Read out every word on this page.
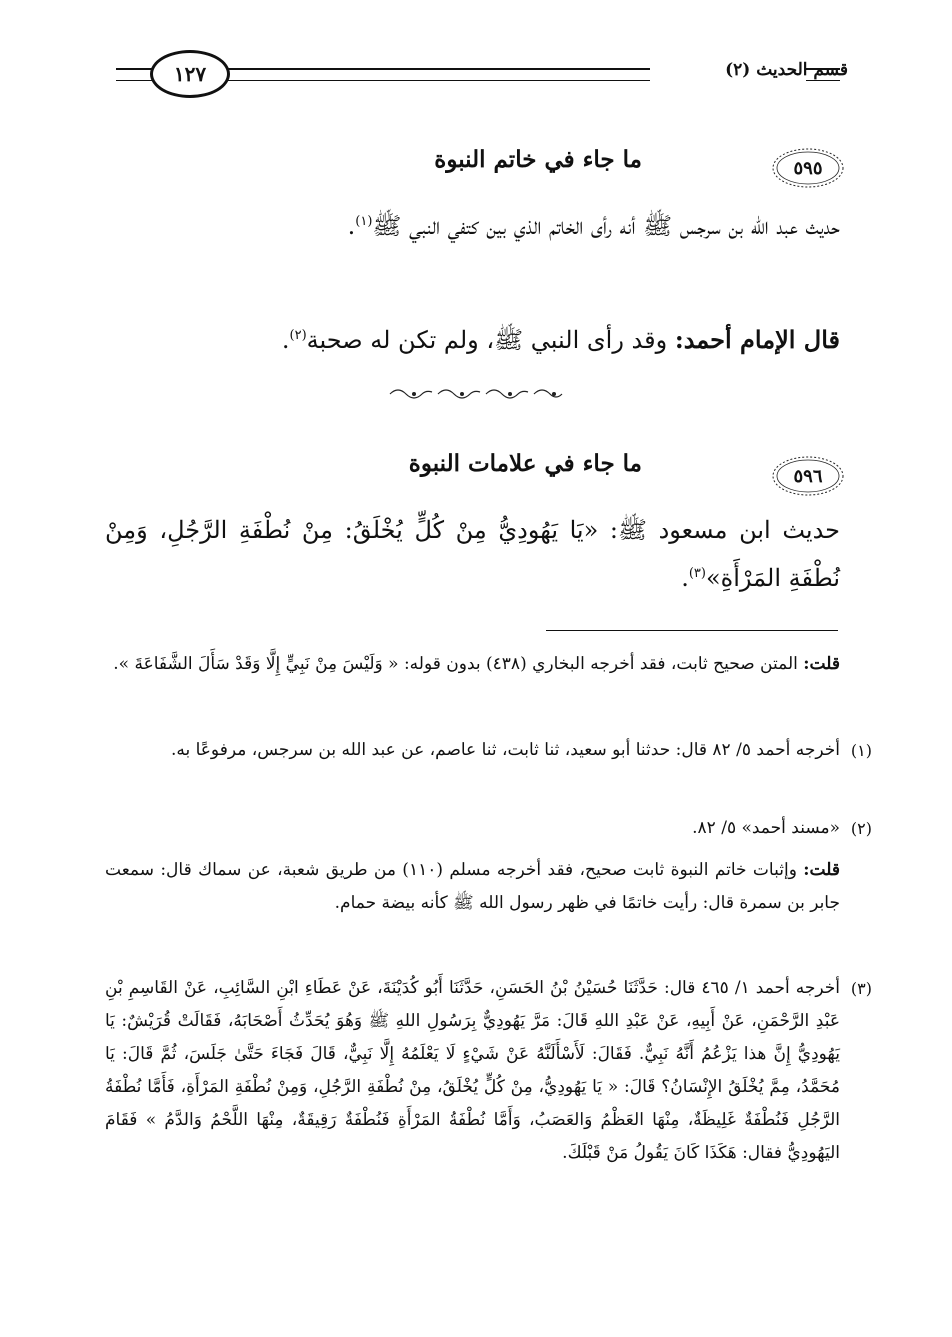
قسم الحديث (٢)
١٢٧
٥٩٥
ما جاء في خاتم النبوة
حديث عبد الله بن سرجس ﷺ أنه رأى الخاتم الذي بين كتفي النبي ﷺ$^{(١)}$.
قال الإمام أحمد: وقد رأى النبي ﷺ، ولم تكن له صحبة$^{(٢)}$.
٥٩٦
ما جاء في علامات النبوة
حديث ابن مسعود ﷺ: «يَا يَهُودِيُّ مِنْ كُلٍّ يُخْلَقُ: مِنْ نُطْفَةِ الرَّجُلِ، وَمِنْ نُطْفَةِ المَرْأَةِ»$^{(٣)}$.
قلت: المتن صحيح ثابت، فقد أخرجه البخاري (٤٣٨) بدون قوله: « وَلَيْسَ مِنْ نَبِيٍّ إِلَّا وَقَدْ سَأَلَ الشَّفَاعَةَ ».
(١)
أخرجه أحمد ٥/ ٨٢ قال: حدثنا أبو سعيد، ثنا ثابت، ثنا عاصم، عن عبد الله بن سرجس، مرفوعًا به.
(٢)
«مسند أحمد» ٥/ ٨٢.
قلت: وإثبات خاتم النبوة ثابت صحيح، فقد أخرجه مسلم (١١٠) من طريق شعبة، عن سماك قال: سمعت جابر بن سمرة قال: رأيت خاتمًا في ظهر رسول الله ﷺ كأنه بيضة حمام.
(٣)
أخرجه أحمد ١/ ٤٦٥ قال: حَدَّثَنَا حُسَيْنُ بْنُ الحَسَنِ، حَدَّثَنَا أَبُو كُدَيْنَةَ، عَنْ عَطَاءِ ابْنِ السَّائِبِ، عَنْ القَاسِمِ بْنِ عَبْدِ الرَّحْمَنِ، عَنْ أَبِيهِ، عَنْ عَبْدِ اللهِ قَالَ: مَرَّ يَهُودِيٌّ بِرَسُولِ اللهِ ﷺ وَهُوَ يُحَدِّثُ أَصْحَابَهُ، فَقَالَتْ قُرَيْشٌ: يَا يَهُودِيُّ إِنَّ هذا يَزْعُمُ أَنَّهُ نَبِيٌّ. فَقَالَ: لَأَسْأَلَنَّهُ عَنْ شَيْءٍ لَا يَعْلَمُهُ إِلَّا نَبِيٌّ، قَالَ فَجَاءَ حَتَّىٰ جَلَسَ، ثُمَّ قَالَ: يَا مُحَمَّدُ، مِمَّ يُخْلَقُ الإِنْسَانُ؟ قَالَ: « يَا يَهُودِيُّ، مِنْ كُلٍّ يُخْلَقُ، مِنْ نُطْفَةِ الرَّجُلِ، وَمِنْ نُطْفَةِ المَرْأَةِ، فَأَمَّا نُطْفَةُ الرَّجُلِ فَنُطْفَةٌ غَلِيظَةٌ، مِنْهَا العَظْمُ وَالعَصَبُ، وَأَمَّا نُطْفَةُ المَرْأَةِ فَنُطْفَةٌ رَقِيقَةٌ، مِنْهَا اللَّحْمُ وَالدَّمُ » فَقَامَ اليَهُودِيُّ فقال: هَكَذَا كَانَ يَقُولُ مَنْ قَبْلَكَ.
